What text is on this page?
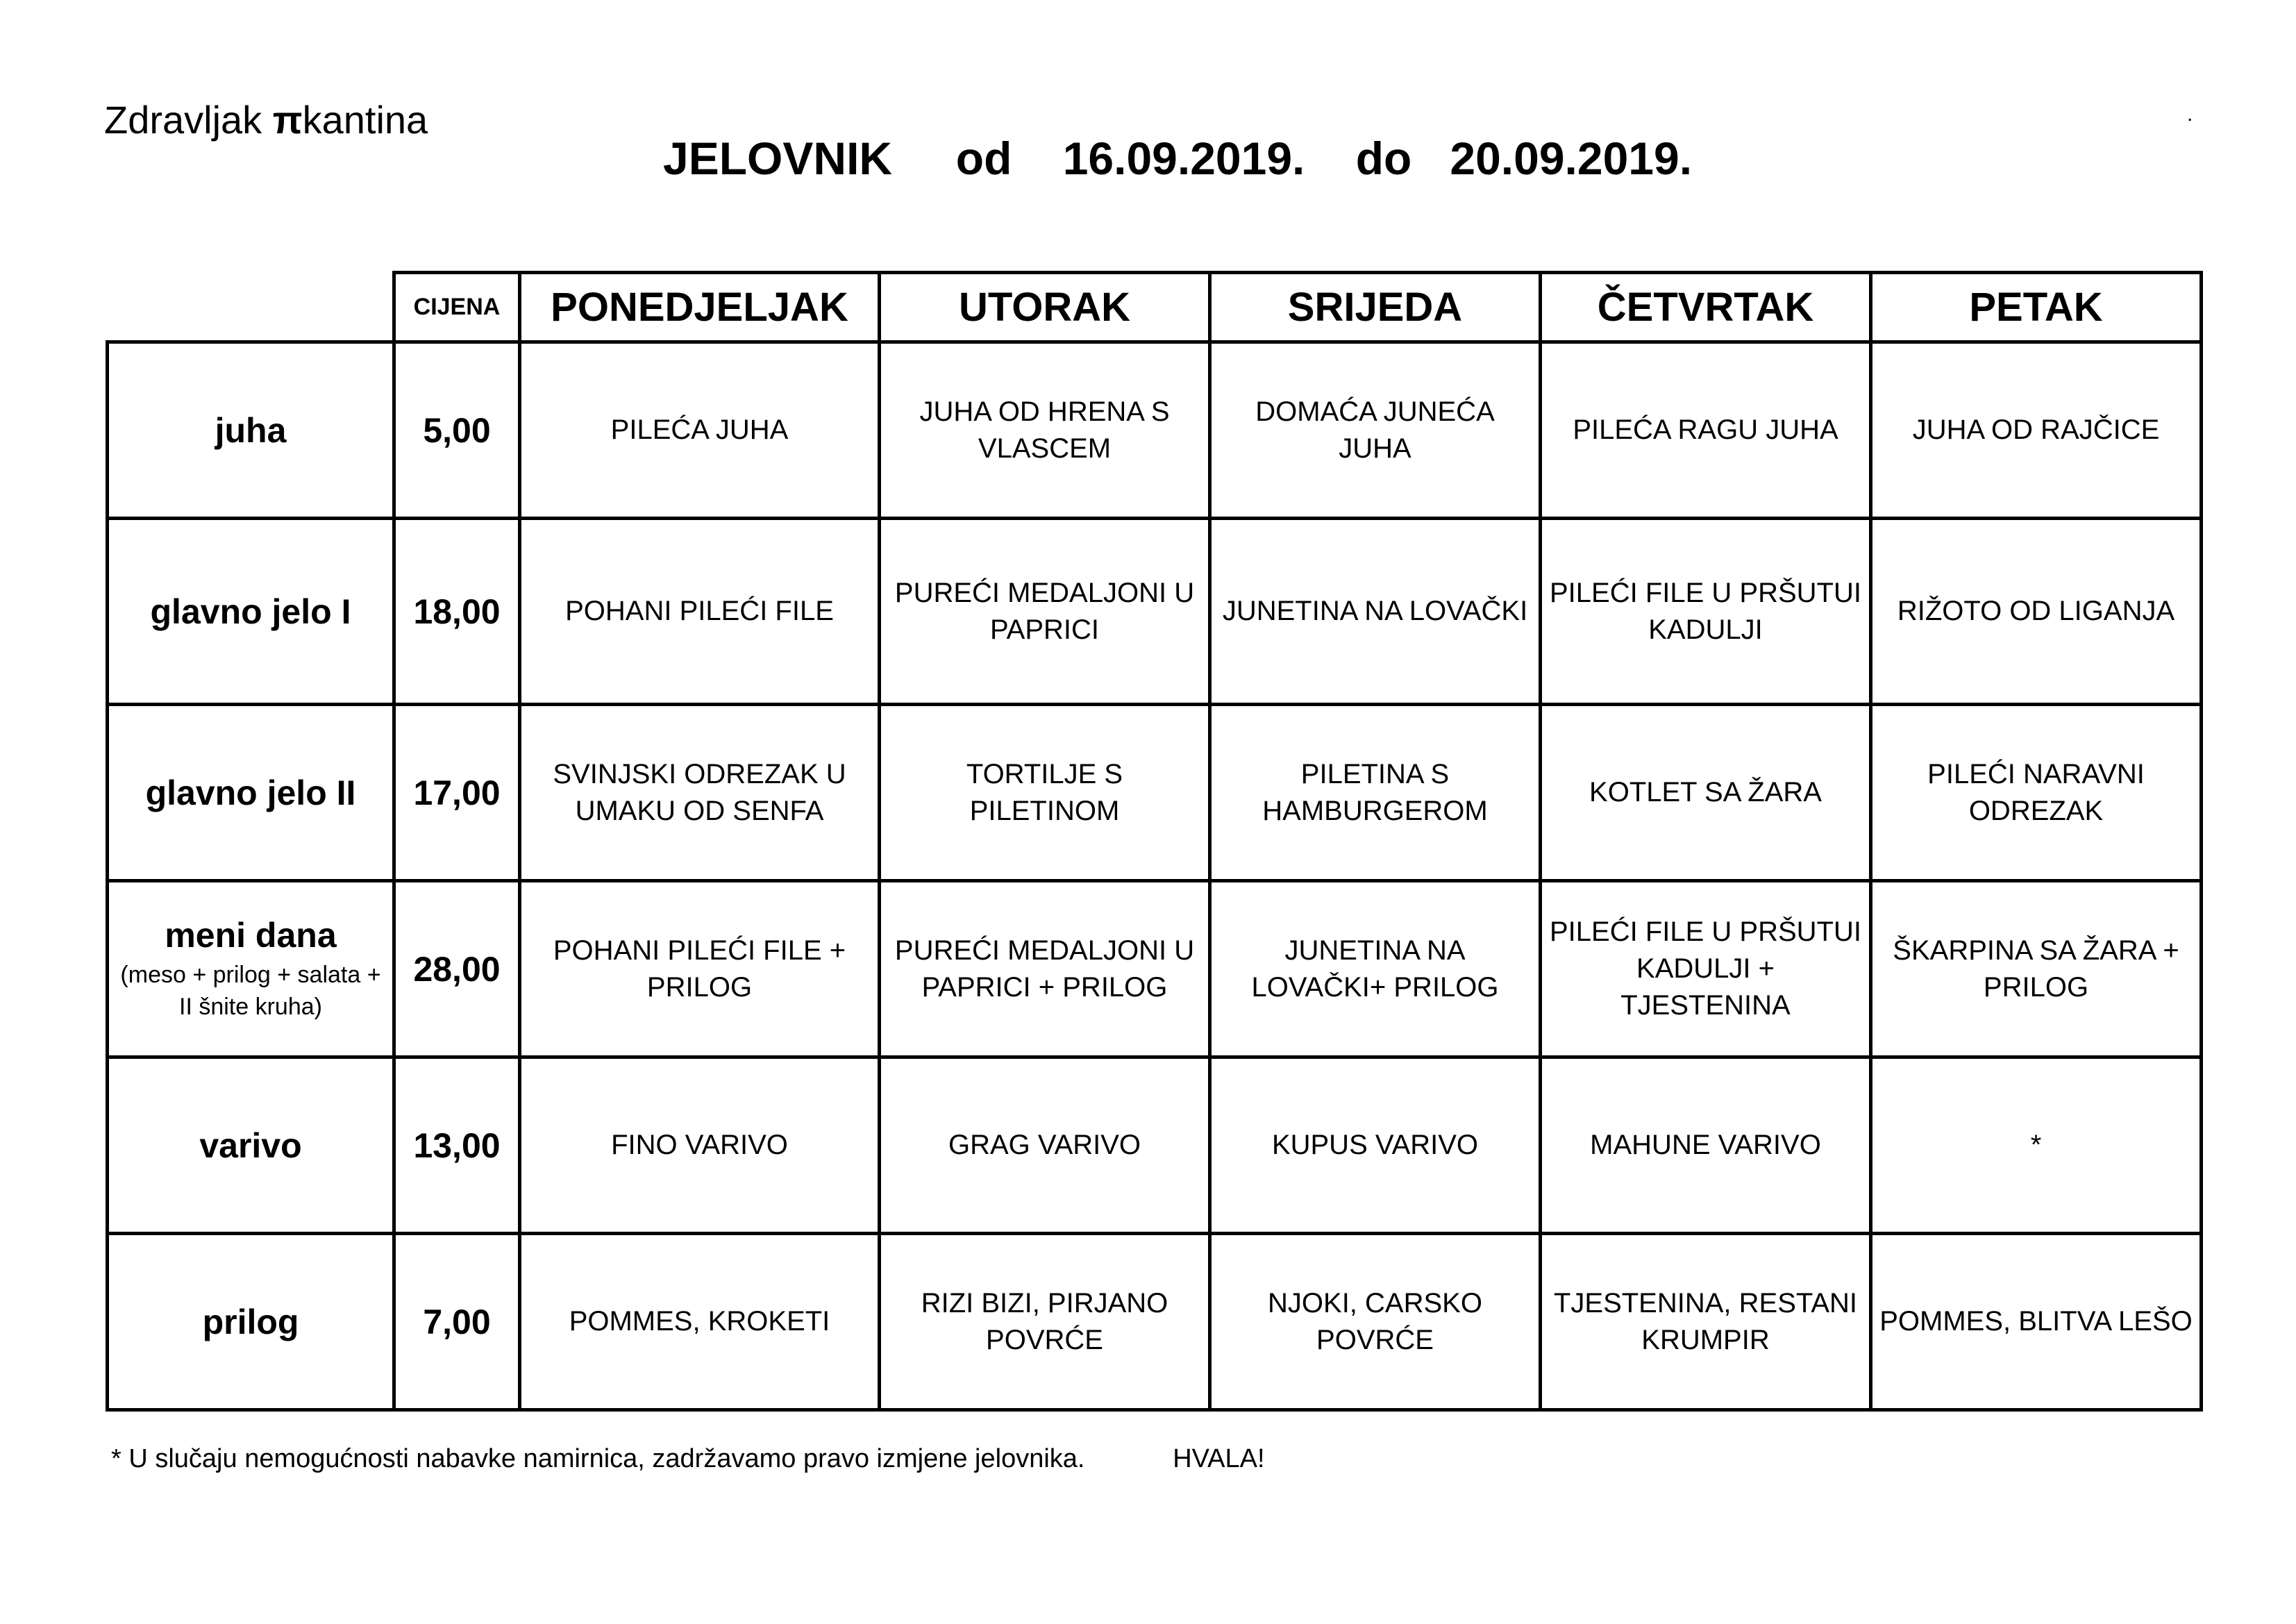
Zdravljak πkantina	.
JELOVNIK     od    16.09.2019.    do   20.09.2019.
	CIJENA	PONEDJELJAK	UTORAK	SRIJEDA	ČETVRTAK	PETAK
juha	5,00	PILEĆA JUHA	JUHA OD HRENA S VLASCEM	DOMAĆA JUNEĆA JUHA	PILEĆA RAGU JUHA	JUHA OD RAJČICE
glavno jelo I	18,00	POHANI PILEĆI FILE	PUREĆI MEDALJONI U PAPRICI	JUNETINA NA LOVAČKI	PILEĆI FILE U PRŠUTUI KADULJI	RIŽOTO OD LIGANJA
glavno jelo II	17,00	SVINJSKI ODREZAK U UMAKU OD SENFA	TORTILJE S PILETINOM	PILETINA S HAMBURGEROM	KOTLET SA ŽARA	PILEĆI NARAVNI ODREZAK
meni dana
(meso + prilog + salata + II šnite kruha)	28,00	POHANI PILEĆI FILE + PRILOG	PUREĆI MEDALJONI U PAPRICI + PRILOG	JUNETINA NA LOVAČKI+ PRILOG	PILEĆI FILE U PRŠUTUI KADULJI + TJESTENINA	ŠKARPINA SA ŽARA + PRILOG
varivo	13,00	FINO VARIVO	GRAG VARIVO	KUPUS VARIVO	MAHUNE VARIVO	*
prilog	7,00	POMMES, KROKETI	RIZI BIZI, PIRJANO POVRĆE	NJOKI, CARSKO POVRĆE	TJESTENINA, RESTANI KRUMPIR	POMMES, BLITVA LEŠO
* U slučaju nemogućnosti nabavke namirnica, zadržavamo pravo izmjene jelovnika.	HVALA!
